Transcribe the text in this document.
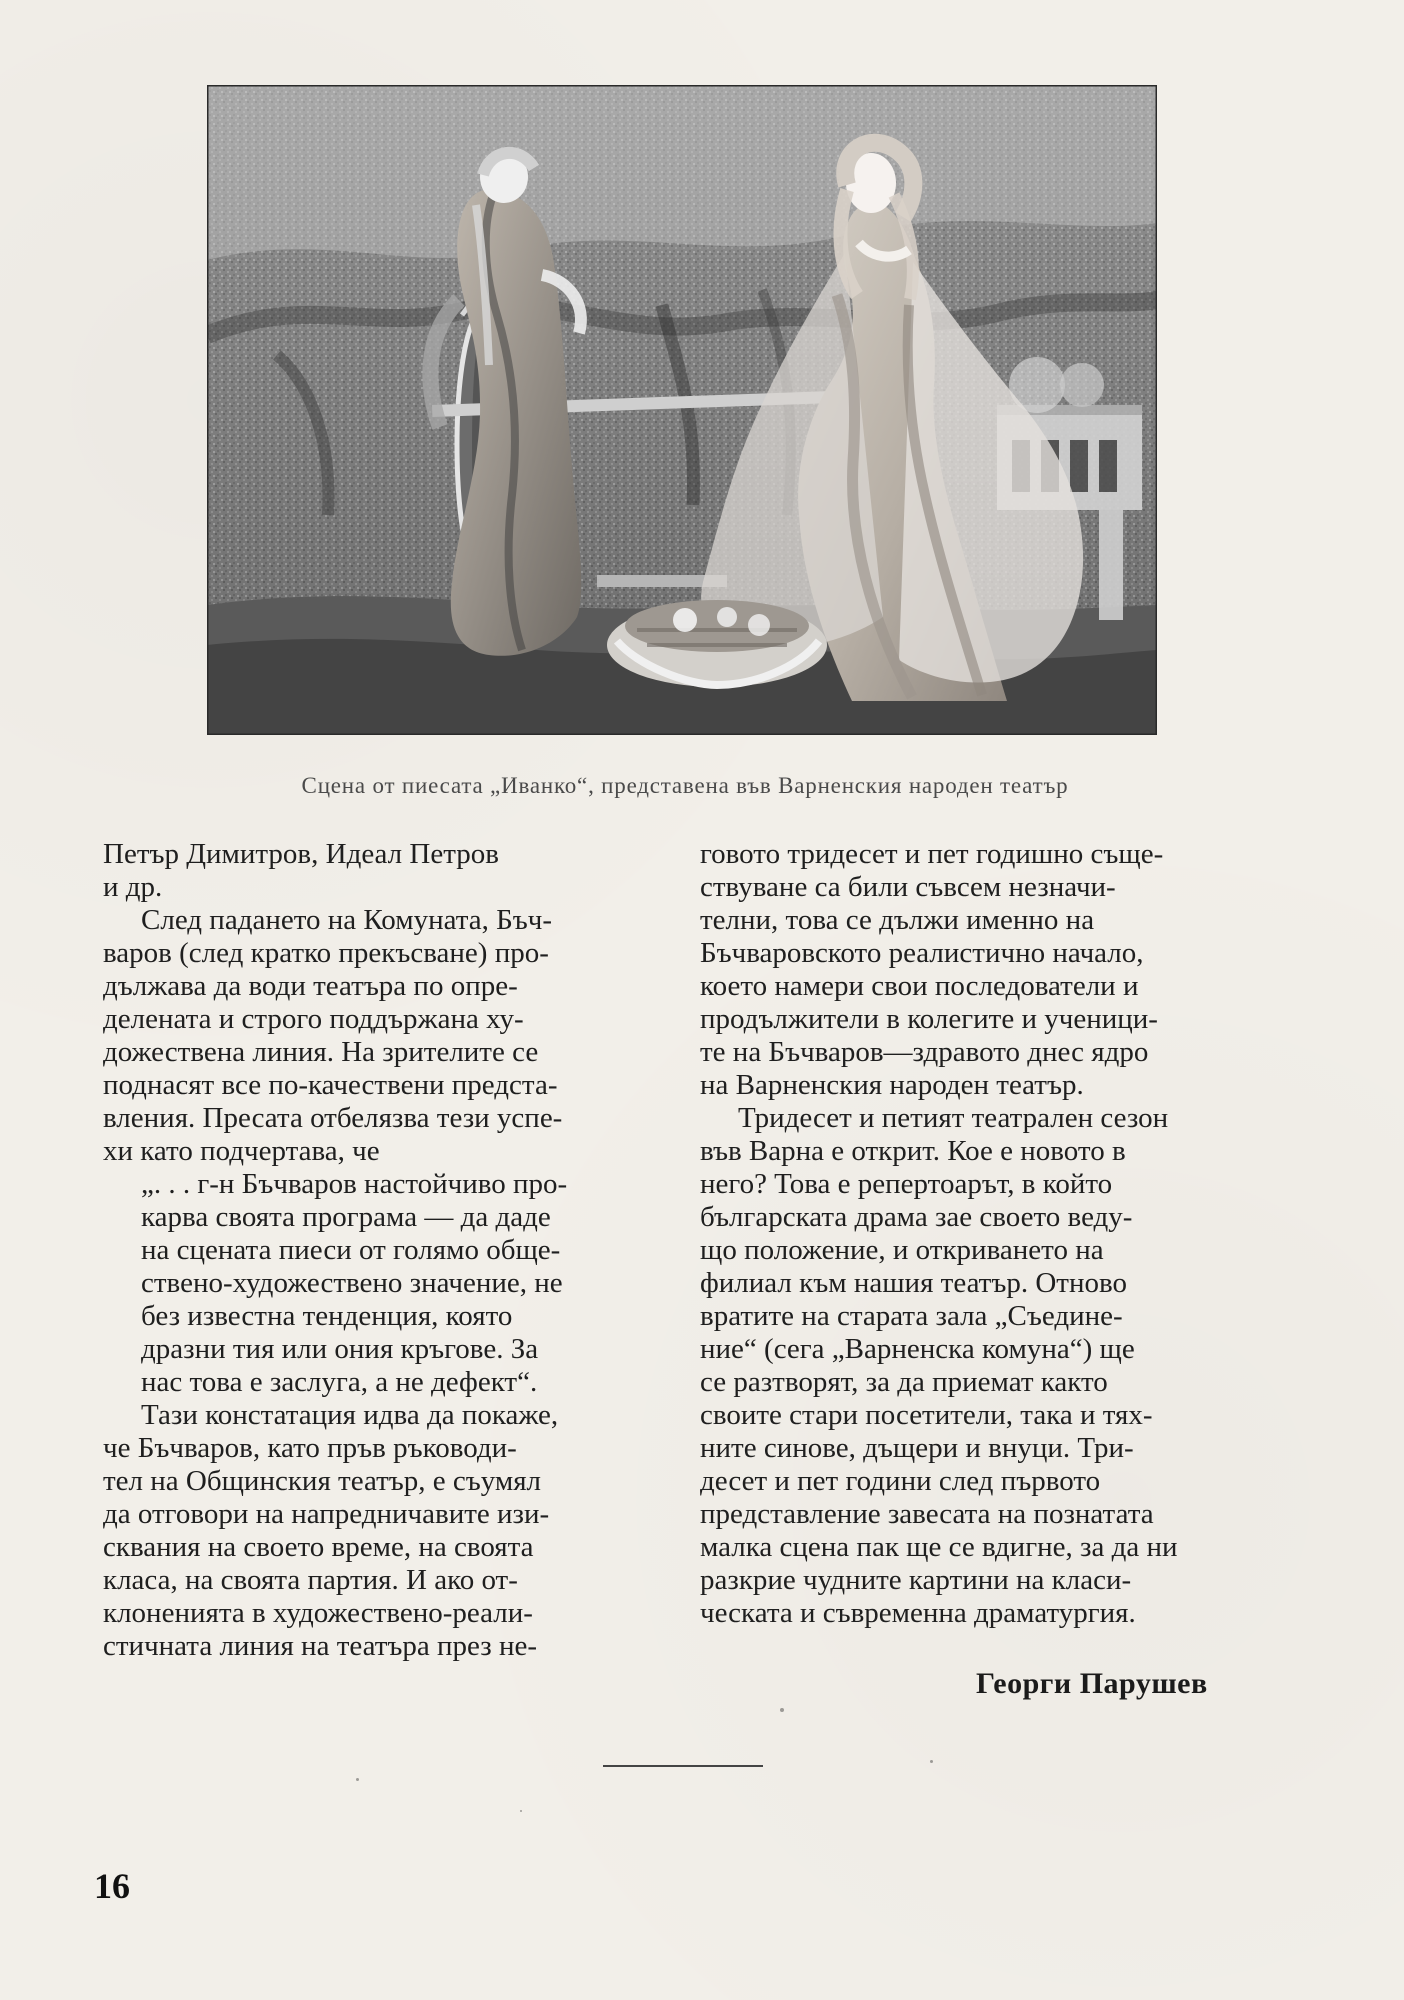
Сцена от пиесата „Иванко“, представена във Варненския народен театър
Петър Димитров, Идеал Петров
и др.
След падането на Комуната, Бъч-
варов (след кратко прекъсване) про-
дължава да води театъра по опре-
делената и строго поддържана ху-
дожествена линия. На зрителите се
поднасят все по-качествени предста-
вления. Пресата отбелязва тези успе-
хи като подчертава, че
„. . . г-н Бъчваров настойчиво про-
карва своята програма — да даде
на сцената пиеси от голямо обще-
ствено-художествено значение, не
без известна тенденция, която
дразни тия или ония кръгове. За
нас това е заслуга, а не дефект“.
Тази констатация идва да покаже,
че Бъчваров, като пръв ръководи-
тел на Общинския театър, е съумял
да отговори на напредничавите изи-
сквания на своето време, на своята
класа, на своята партия. И ако от-
клоненията в художествено-реали-
стичната линия на театъра през не-
говото тридесет и пет годишно съще-
ствуване са били съвсем незначи-
телни, това се дължи именно на
Бъчваровското реалистично начало,
което намери свои последователи и
продължители в колегите и ученици-
те на Бъчваров—здравото днес ядро
на Варненския народен театър.
Тридесет и петият театрален сезон
във Варна е открит. Кое е новото в
него? Това е репертоарът, в който
българската драма зае своето веду-
що положение, и откриването на
филиал към нашия театър. Отново
вратите на старата зала „Съедине-
ние“ (сега „Варненска комуна“) ще
се разтворят, за да приемат както
своите стари посетители, така и тях-
ните синове, дъщери и внуци. Три-
десет и пет години след първото
представление завесата на познатата
малка сцена пак ще се вдигне, за да ни
разкрие чудните картини на класи-
ческата и съвременна драматургия.
Георги Парушев
16
